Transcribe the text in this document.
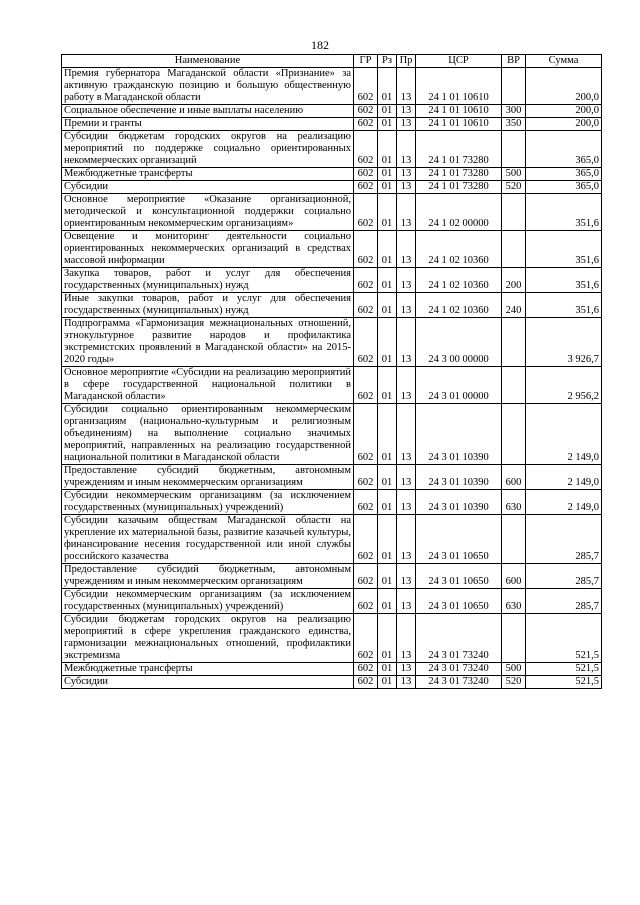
182
Наименование	ГР	Рз	Пр	ЦСР	ВР	Сумма
Премия губернатора Магаданской области «Признание» за активную гражданскую позицию и большую общественную работу в Магаданской области	602	01	13	24 1 01 10610		200,0
Социальное обеспечение и иные выплаты населению	602	01	13	24 1 01 10610	300	200,0
Премии и гранты	602	01	13	24 1 01 10610	350	200,0
Субсидии бюджетам городских округов на реализацию мероприятий по поддержке социально ориентированных некоммерческих организаций	602	01	13	24 1 01 73280		365,0
Межбюджетные трансферты	602	01	13	24 1 01 73280	500	365,0
Субсидии	602	01	13	24 1 01 73280	520	365,0
Основное мероприятие «Оказание организационной, методической и консультационной поддержки социально ориентированным некоммерческим организациям»	602	01	13	24 1 02 00000		351,6
Освещение и мониторинг деятельности социально ориентированных некоммерческих организаций в средствах массовой информации	602	01	13	24 1 02 10360		351,6
Закупка товаров, работ и услуг для обеспечения государственных (муниципальных) нужд	602	01	13	24 1 02 10360	200	351,6
Иные закупки товаров, работ и услуг для обеспечения государственных (муниципальных) нужд	602	01	13	24 1 02 10360	240	351,6
Подпрограмма «Гармонизация межнациональных отношений, этнокультурное развитие народов и профилактика экстремистских проявлений в Магаданской области» на 2015-2020 годы»	602	01	13	24 3 00 00000		3 926,7
Основное мероприятие «Субсидии на реализацию мероприятий в сфере государственной национальной политики в Магаданской области»	602	01	13	24 3 01 00000		2 956,2
Субсидии социально ориентированным некоммерческим организациям (национально-культурным и религиозным объединениям) на выполнение социально значимых мероприятий, направленных на реализацию государственной национальной политики в Магаданской области	602	01	13	24 3 01 10390		2 149,0
Предоставление субсидий бюджетным, автономным учреждениям и иным некоммерческим организациям	602	01	13	24 3 01 10390	600	2 149,0
Субсидии некоммерческим организациям (за исключением государственных (муниципальных) учреждений)	602	01	13	24 3 01 10390	630	2 149,0
Субсидии казачьим обществам Магаданской области на укрепление их материальной базы, развитие казачьей культуры, финансирование несения государственной или иной службы российского казачества	602	01	13	24 3 01 10650		285,7
Предоставление субсидий бюджетным, автономным учреждениям и иным некоммерческим организациям	602	01	13	24 3 01 10650	600	285,7
Субсидии некоммерческим организациям (за исключением государственных (муниципальных) учреждений)	602	01	13	24 3 01 10650	630	285,7
Субсидии бюджетам городских округов на реализацию мероприятий в сфере укрепления гражданского единства, гармонизации межнациональных отношений, профилактики экстремизма	602	01	13	24 3 01 73240		521,5
Межбюджетные трансферты	602	01	13	24 3 01 73240	500	521,5
Субсидии	602	01	13	24 3 01 73240	520	521,5
